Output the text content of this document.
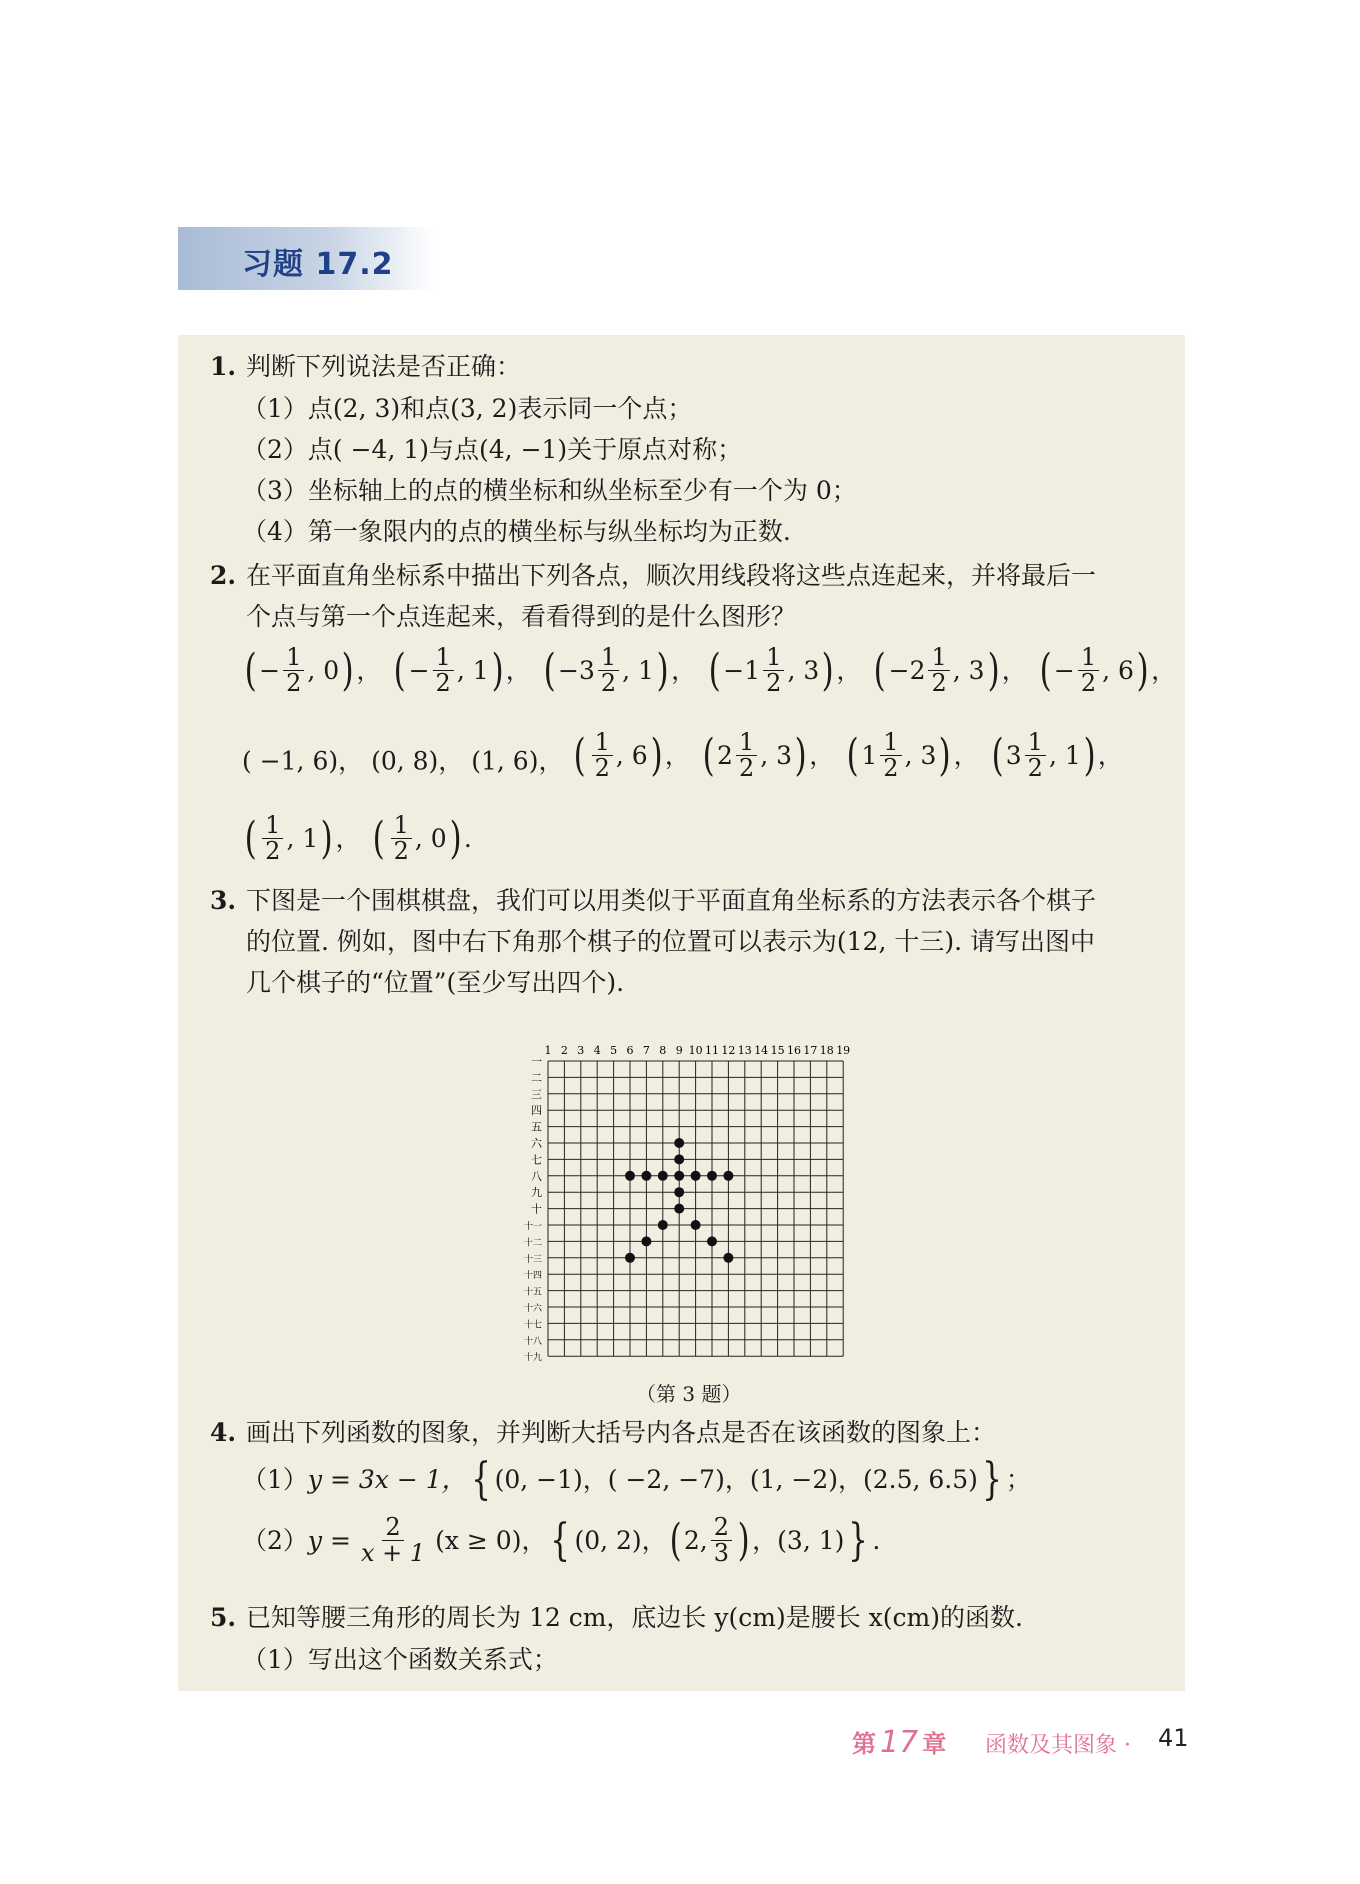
习题 17.2
1. 判断下列说法是否正确：
（1）点(2, 3)和点(3, 2)表示同一个点；
（2）点( −4, 1)与点(4, −1)关于原点对称；
（3）坐标轴上的点的横坐标和纵坐标至少有一个为 0；
（4）第一象限内的点的横坐标与纵坐标均为正数.
2. 在平面直角坐标系中描出下列各点，顺次用线段将这些点连起来，并将最后一
个点与第一个点连起来，看看得到的是什么图形？
( − $\frac{1}{2}$ , 0 ) ， ( − $\frac{1}{2}$ , 1 ) ， ( − $3 \frac{1}{2}$ , 1 ) ， ( − $1 \frac{1}{2}$ , 3 ) ， ( − $2 \frac{1}{2}$ , 3 ) ， ( − $\frac{1}{2}$ , 6 ) ，
( −1, 6)， (0, 8)， (1, 6)， ( $\frac{1}{2}$ , 6 ) ， ( $2 \frac{1}{2}$ , 3 ) ， ( $1 \frac{1}{2}$ , 3 ) ， ( $3 \frac{1}{2}$ , 1 ) ，
( $\frac{1}{2}$ , 1 ) ， ( $\frac{1}{2}$ , 0 ) .
3. 下图是一个围棋棋盘，我们可以用类似于平面直角坐标系的方法表示各个棋子
的位置. 例如，图中右下角那个棋子的位置可以表示为(12, 十三). 请写出图中
几个棋子的“位置”(至少写出四个).
4. 画出下列函数的图象，并判断大括号内各点是否在该函数的图象上：
（1） y = 3x − 1， { (0, −1)，( −2, −7)，(1, −2)，(2.5, 6.5) } ；
（2） $y = \frac{2}{x + 1} (x \ge 0)$， { (0, 2)， ( 2, $\frac{2}{3}$ ) ，(3, 1) } .
5. 已知等腰三角形的周长为 12 cm，底边长 y(cm)是腰长 x(cm)的函数.
（1）写出这个函数关系式；
1 2 3 4 5 6 7 8 9 10 11 12 13 14 15 16 17 18 19
一
二
三
四
五
六
七
八
九
十
十一
十二
十三
十四
十五
十六
十七
十八
十九
（第 3 题）
第 17 章 函数及其图象 · 41
